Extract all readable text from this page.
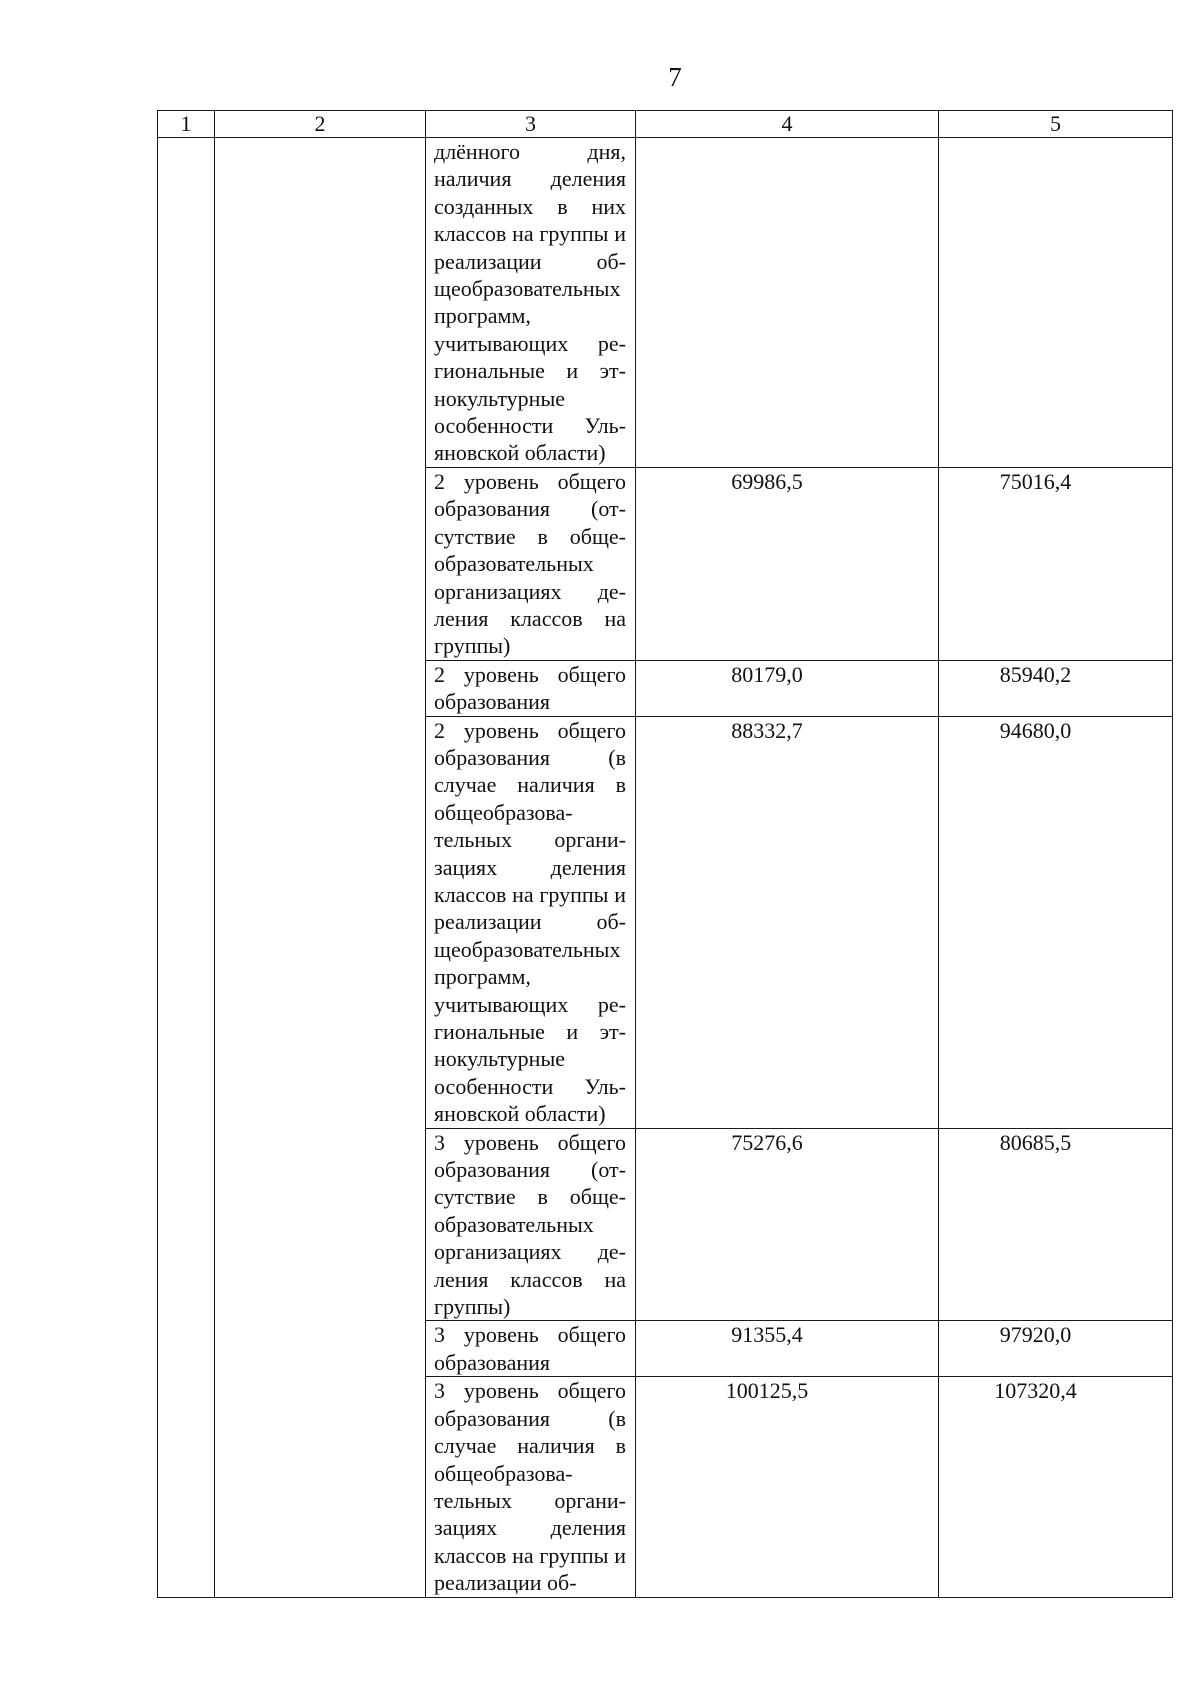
7
1	2	3	4	5

		длённого дня, наличия деления созданных в них классов на группы и реализации общеобразовательных программ, учитывающих региональные и этнокультурные особенности Ульяновской области)		

		2 уровень общего образования (отсутствие в общеобразовательных организациях деления классов на группы)	69986,5	75016,4

		2 уровень общего образования	80179,0	85940,2

		2 уровень общего образования (в случае наличия в общеобразовательных организациях деления классов на группы и реализации общеобразовательных программ, учитывающих региональные и этнокультурные особенности Ульяновской области)	88332,7	94680,0

		3 уровень общего образования (отсутствие в общеобразовательных организациях деления классов на группы)	75276,6	80685,5

		3 уровень общего образования	91355,4	97920,0

		3 уровень общего образования (в случае наличия в общеобразовательных организациях деления классов на группы и реализации об-	100125,5	107320,4
